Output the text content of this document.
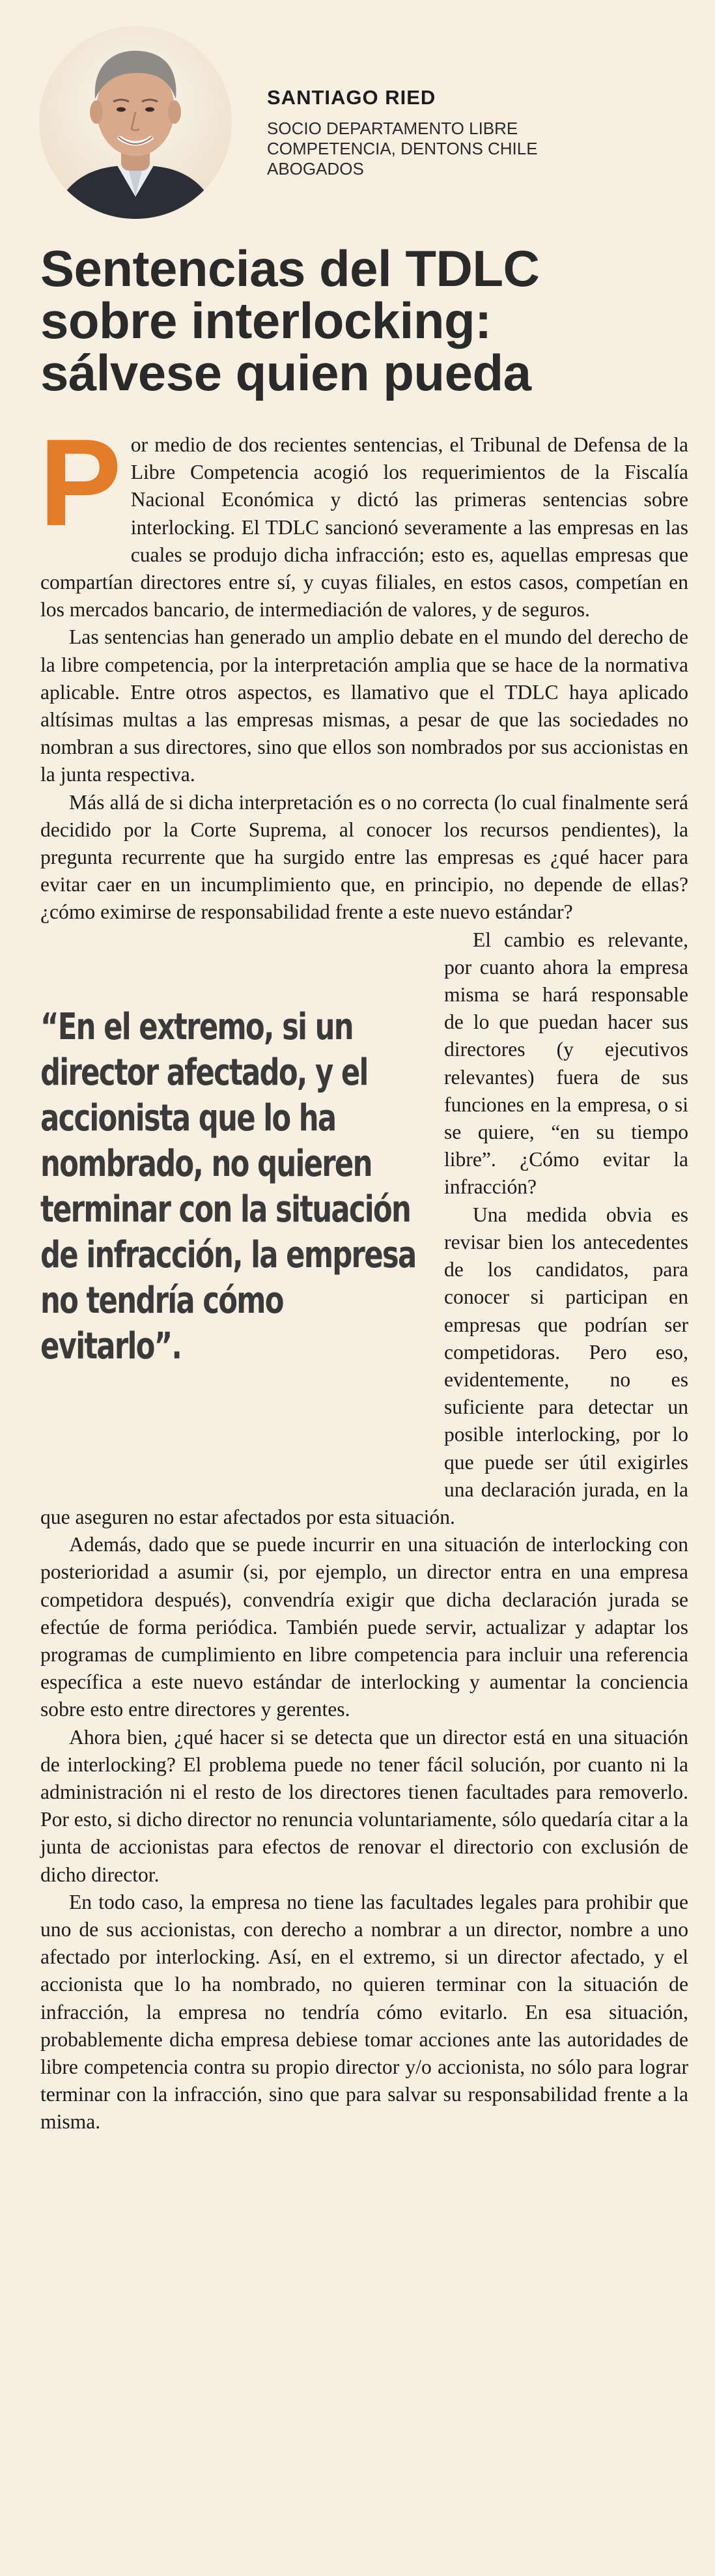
SANTIAGO RIED
SOCIO DEPARTAMENTO LIBRE COMPETENCIA, DENTONS CHILE ABOGADOS
Sentencias del TDLC sobre interlocking: sálvese quien pueda

Por medio de dos recientes sentencias, el Tribunal de Defensa de la Libre Competencia acogió los requerimientos de la Fiscalía Nacional Económica y dictó las primeras sentencias sobre interlocking. El TDLC sancionó severamente a las empresas en las cuales se produjo dicha infracción; esto es, aquellas empresas que compartían directores entre sí, y cuyas filiales, en estos casos, competían en los mercados bancario, de intermediación de valores, y de seguros.

Las sentencias han generado un amplio debate en el mundo del derecho de la libre competencia, por la interpretación amplia que se hace de la normativa aplicable. Entre otros aspectos, es llamativo que el TDLC haya aplicado altísimas multas a las empresas mismas, a pesar de que las sociedades no nombran a sus directores, sino que ellos son nombrados por sus accionistas en la junta respectiva.

Más allá de si dicha interpretación es o no correcta (lo cual finalmente será decidido por la Corte Suprema, al conocer los recursos pendientes), la pregunta recurrente que ha surgido entre las empresas es ¿qué hacer para evitar caer en un incumplimiento que, en principio, no depende de ellas? ¿cómo eximirse de responsabilidad frente a este nuevo estándar?

“En el extremo, si un director afectado, y el accionista que lo ha nombrado, no quieren terminar con la situación de infracción, la empresa no tendría cómo evitarlo”.

El cambio es relevante, por cuanto ahora la empresa misma se hará responsable de lo que puedan hacer sus directores (y ejecutivos relevantes) fuera de sus funciones en la empresa, o si se quiere, “en su tiempo libre”. ¿Cómo evitar la infracción?

Una medida obvia es revisar bien los antecedentes de los candidatos, para conocer si participan en empresas que podrían ser competidoras. Pero eso, evidentemente, no es suficiente para detectar un posible interlocking, por lo que puede ser útil exigirles una declaración jurada, en la que aseguren no estar afectados por esta situación.

Además, dado que se puede incurrir en una situación de interlocking con posterioridad a asumir (si, por ejemplo, un director entra en una empresa competidora después), convendría exigir que dicha declaración jurada se efectúe de forma periódica. También puede servir, actualizar y adaptar los programas de cumplimiento en libre competencia para incluir una referencia específica a este nuevo estándar de interlocking y aumentar la conciencia sobre esto entre directores y gerentes.

Ahora bien, ¿qué hacer si se detecta que un director está en una situación de interlocking? El problema puede no tener fácil solución, por cuanto ni la administración ni el resto de los directores tienen facultades para removerlo. Por esto, si dicho director no renuncia voluntariamente, sólo quedaría citar a la junta de accionistas para efectos de renovar el directorio con exclusión de dicho director.

En todo caso, la empresa no tiene las facultades legales para prohibir que uno de sus accionistas, con derecho a nombrar a un director, nombre a uno afectado por interlocking. Así, en el extremo, si un director afectado, y el accionista que lo ha nombrado, no quieren terminar con la situación de infracción, la empresa no tendría cómo evitarlo. En esa situación, probablemente dicha empresa debiese tomar acciones ante las autoridades de libre competencia contra su propio director y/o accionista, no sólo para lograr terminar con la infracción, sino que para salvar su responsabilidad frente a la misma.
